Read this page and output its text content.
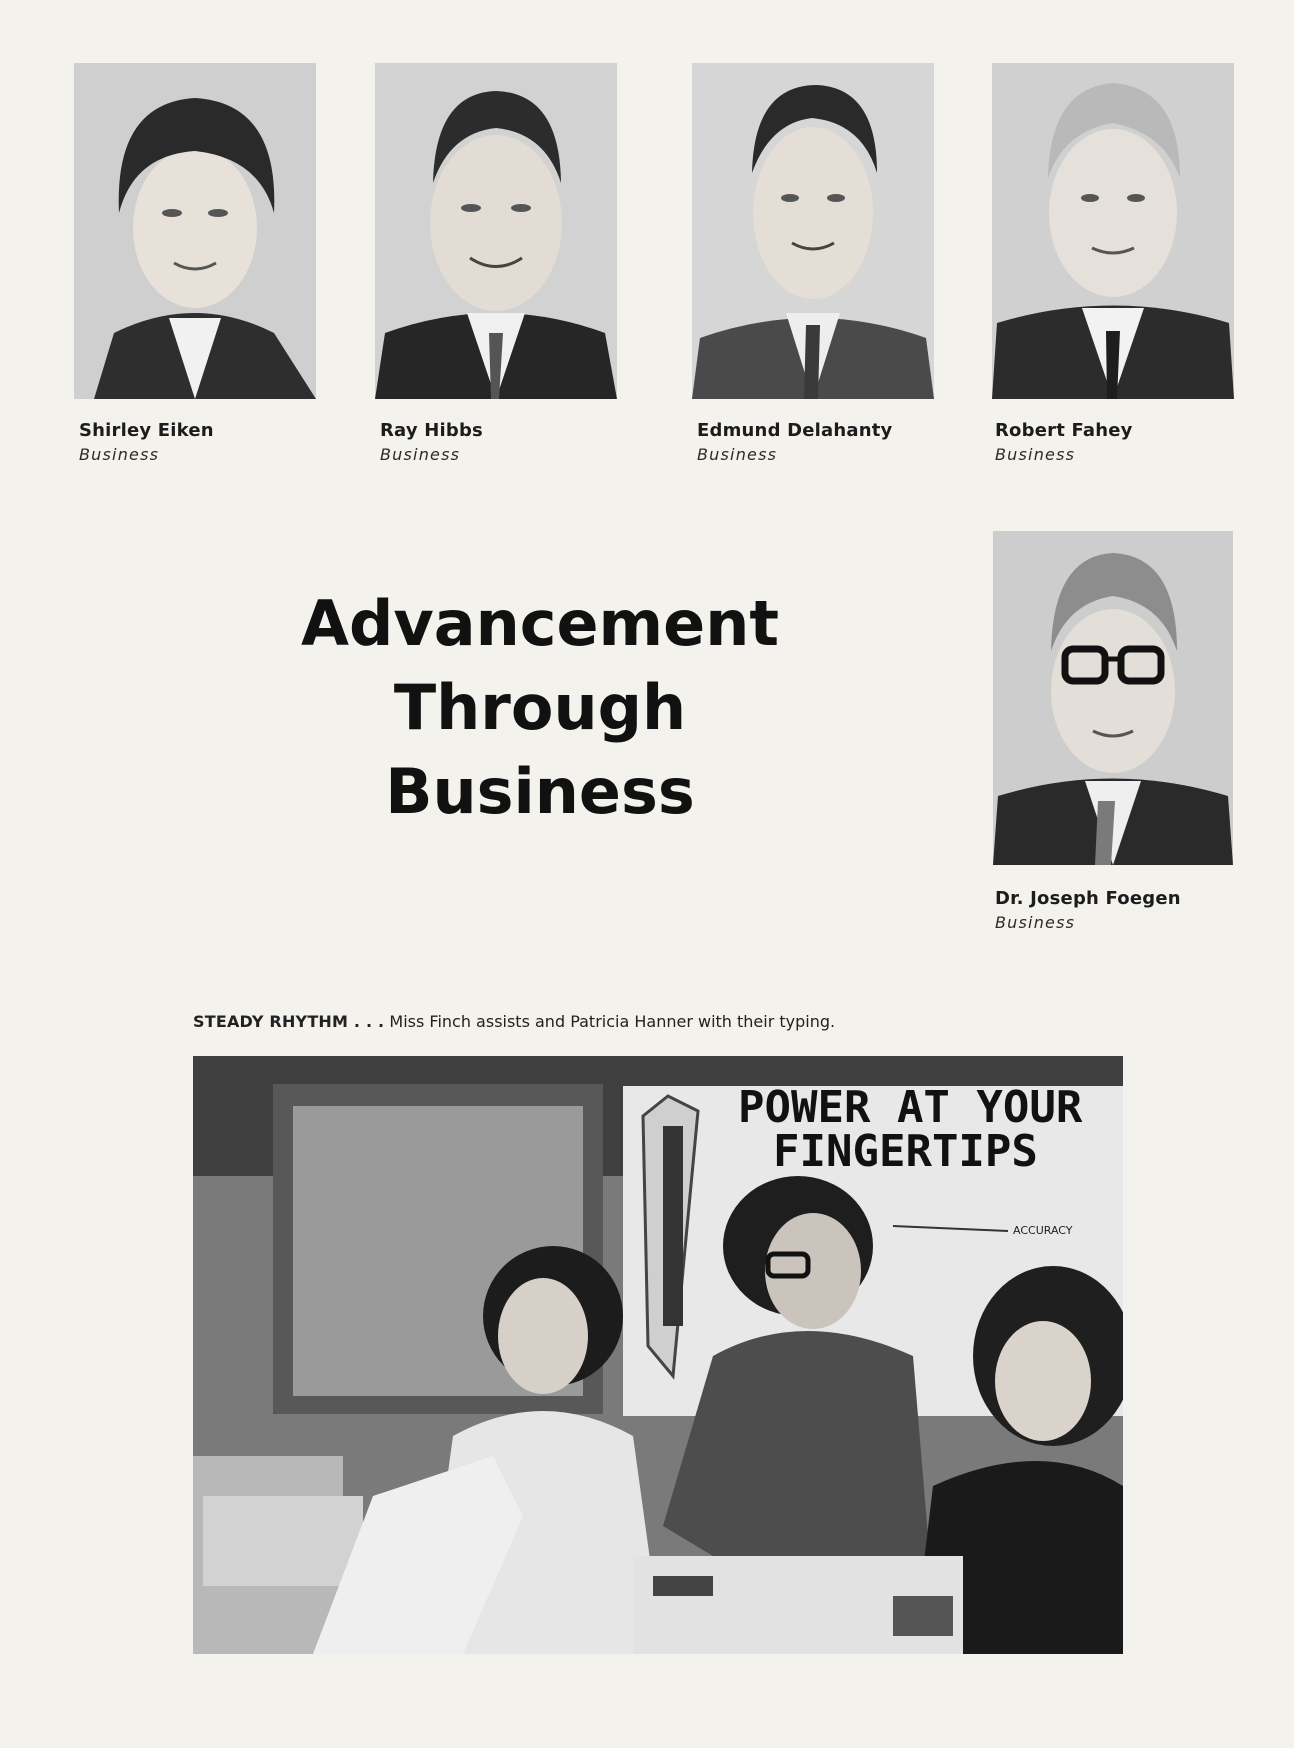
Shirley Eiken
Business
Ray Hibbs
Business
Edmund Delahanty
Business
Robert Fahey
Business
Dr. Joseph Foegen
Business
Advancement
Through
Business
STEADY RHYTHM . . . Miss Finch assists and Patricia Hanner with their typing.
POWER AT YOUR
FINGERTIPS
ACCURACY
